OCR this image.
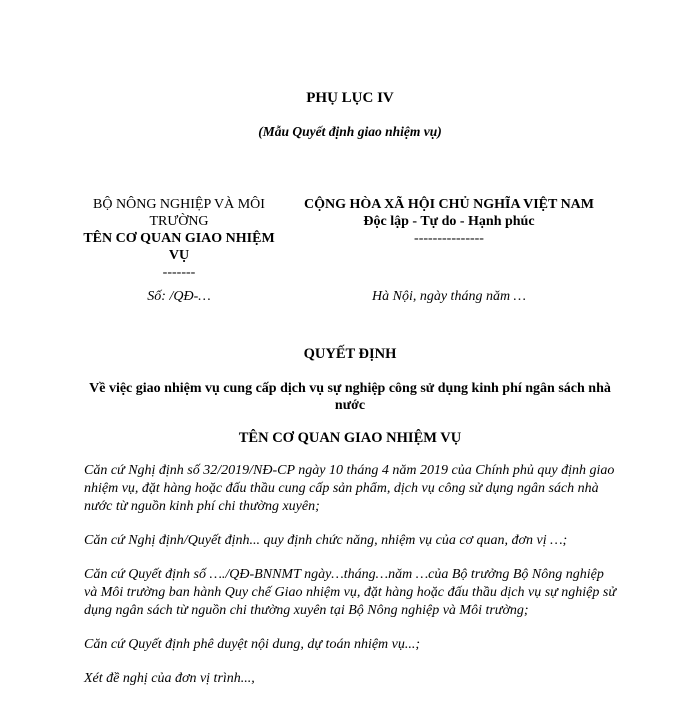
PHỤ LỤC IV
(Mẫu Quyết định giao nhiệm vụ)
BỘ NÔNG NGHIỆP VÀ MÔI TRƯỜNG
TÊN CƠ QUAN GIAO NHIỆM VỤ
-------
CỘNG HÒA XÃ HỘI CHỦ NGHĨA VIỆT NAM
Độc lập - Tự do - Hạnh phúc
---------------
Số: /QĐ-…	Hà Nội, ngày tháng năm …
QUYẾT ĐỊNH
Về việc giao nhiệm vụ cung cấp dịch vụ sự nghiệp công sử dụng kinh phí ngân sách nhà nước
TÊN CƠ QUAN GIAO NHIỆM VỤ

Căn cứ Nghị định số 32/2019/NĐ-CP ngày 10 tháng 4 năm 2019 của Chính phủ quy định giao nhiệm vụ, đặt hàng hoặc đấu thầu cung cấp sản phẩm, dịch vụ công sử dụng ngân sách nhà nước từ nguồn kinh phí chi thường xuyên;

Căn cứ Nghị định/Quyết định... quy định chức năng, nhiệm vụ của cơ quan, đơn vị …;

Căn cứ Quyết định số …./QĐ-BNNMT ngày…tháng…năm …của Bộ trưởng Bộ Nông nghiệp và Môi trường ban hành Quy chế Giao nhiệm vụ, đặt hàng hoặc đấu thầu dịch vụ sự nghiệp sử dụng ngân sách từ nguồn chi thường xuyên tại Bộ Nông nghiệp và Môi trường;

Căn cứ Quyết định phê duyệt nội dung, dự toán nhiệm vụ...;

Xét đề nghị của đơn vị trình...,
